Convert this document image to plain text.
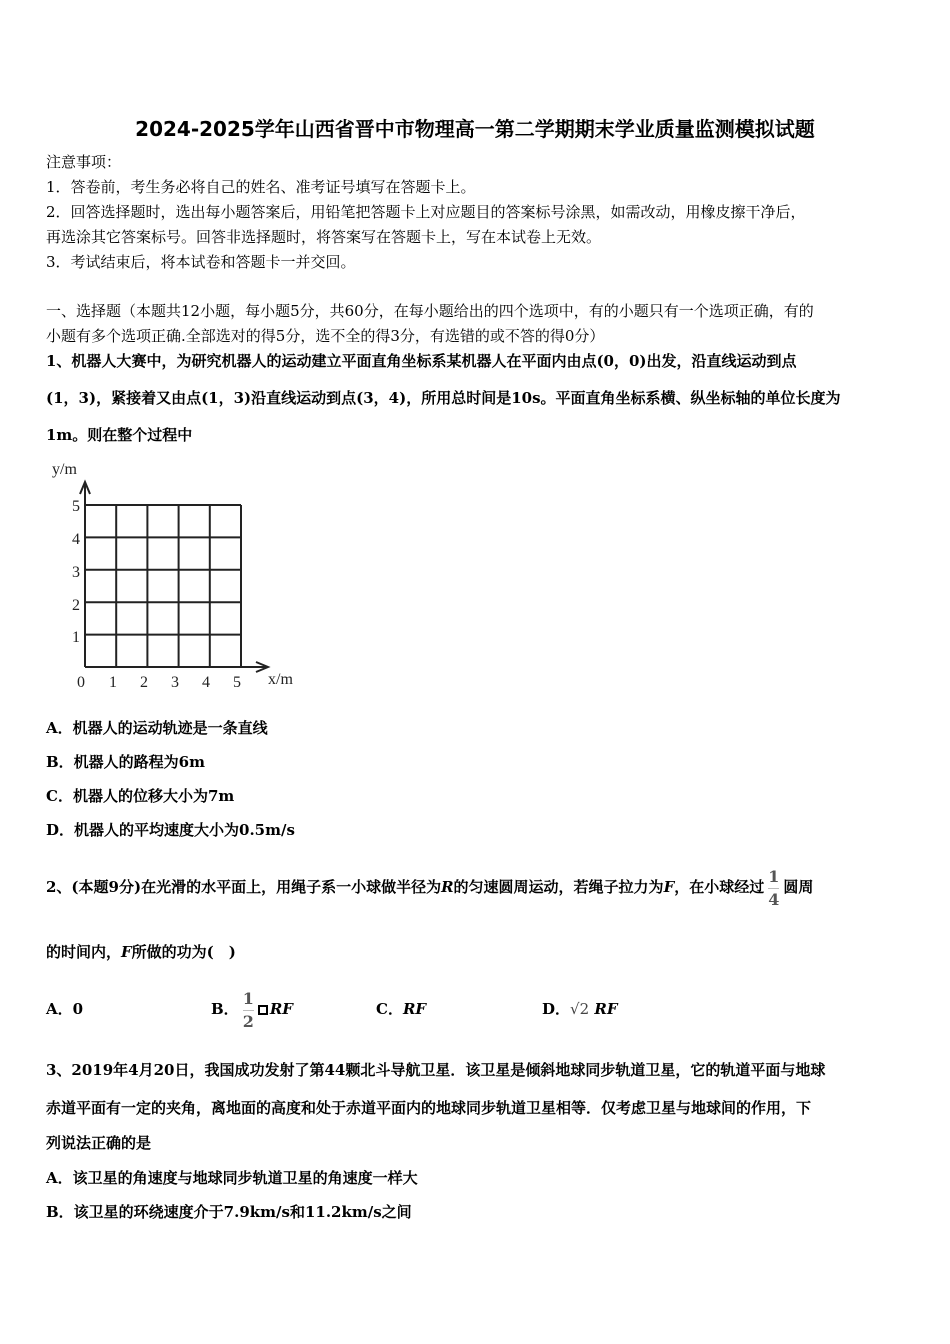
2024-2025学年山西省晋中市物理高一第二学期期末学业质量监测模拟试题
注意事项：
1．答卷前，考生务必将自己的姓名、准考证号填写在答题卡上。
2．回答选择题时，选出每小题答案后，用铅笔把答题卡上对应题目的答案标号涂黑，如需改动，用橡皮擦干净后，
再选涂其它答案标号。回答非选择题时，将答案写在答题卡上，写在本试卷上无效。
3．考试结束后，将本试卷和答题卡一并交回。
一、选择题（本题共12小题，每小题5分，共60分，在每小题给出的四个选项中，有的小题只有一个选项正确，有的
小题有多个选项正确.全部选对的得5分，选不全的得3分，有选错的或不答的得0分）
1、机器人大赛中，为研究机器人的运动建立平面直角坐标系某机器人在平面内由点(0，0)出发，沿直线运动到点
(1，3)，紧接着又由点(1，3)沿直线运动到点(3，4)，所用总时间是10s。平面直角坐标系横、纵坐标轴的单位长度为
1m。则在整个过程中
y/m
x/m
0 1 2 3 4 5
1
2
3
4
5
A．机器人的运动轨迹是一条直线
B．机器人的路程为6m
C．机器人的位移大小为7m
D．机器人的平均速度大小为0.5m/s
2、(本题9分)在光滑的水平面上，用绳子系一小球做半径为R的匀速圆周运动，若绳子拉力为F，在小球经过 $\frac{1}{4}$ 圆周
的时间内，F所做的功为(　)
A．0	B． $\frac{1}{2}$ RF	C．RF	D．√2 RF
3、2019年4月20日，我国成功发射了第44颗北斗导航卫星．该卫星是倾斜地球同步轨道卫星，它的轨道平面与地球
赤道平面有一定的夹角，离地面的高度和处于赤道平面内的地球同步轨道卫星相等．仅考虑卫星与地球间的作用，下
列说法正确的是
A．该卫星的角速度与地球同步轨道卫星的角速度一样大
B．该卫星的环绕速度介于7.9km/s和11.2km/s之间
